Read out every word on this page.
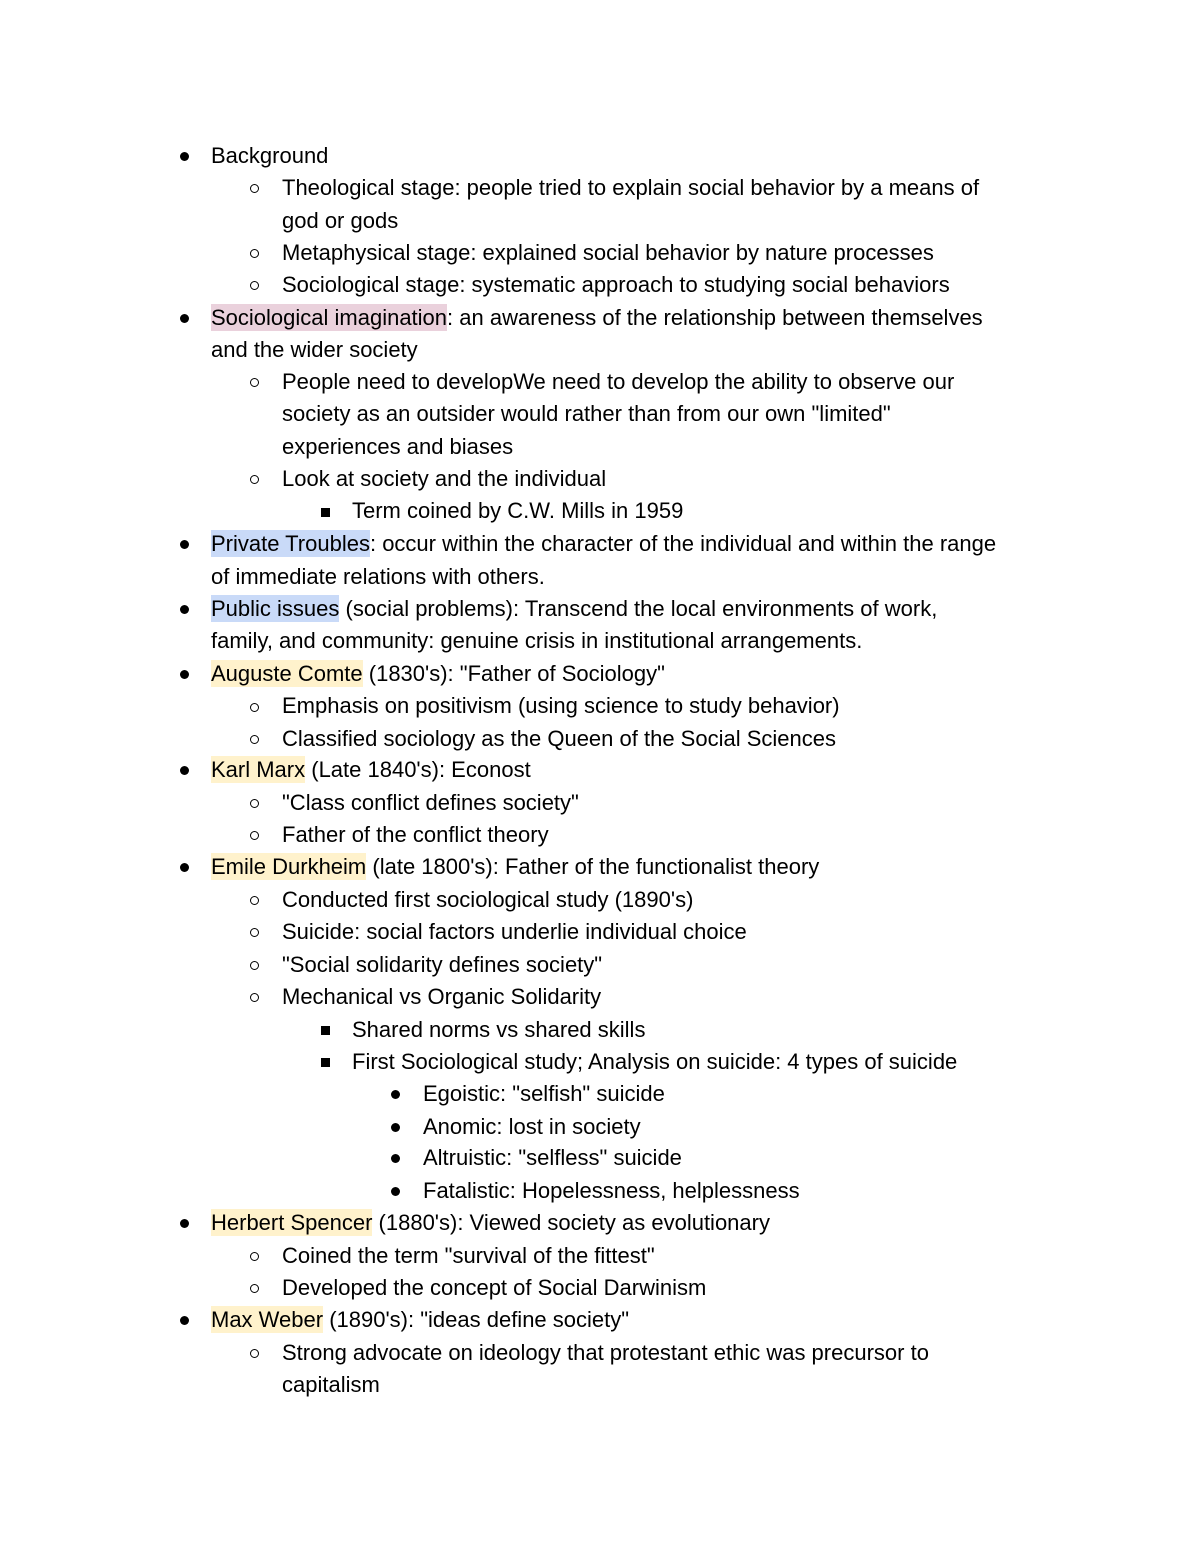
Background
Theological stage: people tried to explain social behavior by a means of
god or gods
Metaphysical stage: explained social behavior by nature processes
Sociological stage: systematic approach to studying social behaviors
Sociological imagination: an awareness of the relationship between themselves
and the wider society
People need to developWe need to develop the ability to observe our
society as an outsider would rather than from our own "limited"
experiences and biases
Look at society and the individual
Term coined by C.W. Mills in 1959
Private Troubles: occur within the character of the individual and within the range
of immediate relations with others.
Public issues (social problems): Transcend the local environments of work,
family, and community: genuine crisis in institutional arrangements.
Auguste Comte (1830's): "Father of Sociology"
Emphasis on positivism (using science to study behavior)
Classified sociology as the Queen of the Social Sciences
Karl Marx (Late 1840's): Econost
"Class conflict defines society"
Father of the conflict theory
Emile Durkheim (late 1800's): Father of the functionalist theory
Conducted first sociological study (1890's)
Suicide: social factors underlie individual choice
"Social solidarity defines society"
Mechanical vs Organic Solidarity
Shared norms vs shared skills
First Sociological study; Analysis on suicide: 4 types of suicide
Egoistic: "selfish" suicide
Anomic: lost in society
Altruistic: "selfless" suicide
Fatalistic: Hopelessness, helplessness
Herbert Spencer (1880's): Viewed society as evolutionary
Coined the term "survival of the fittest"
Developed the concept of Social Darwinism
Max Weber (1890's): "ideas define society"
Strong advocate on ideology that protestant ethic was precursor to
capitalism
